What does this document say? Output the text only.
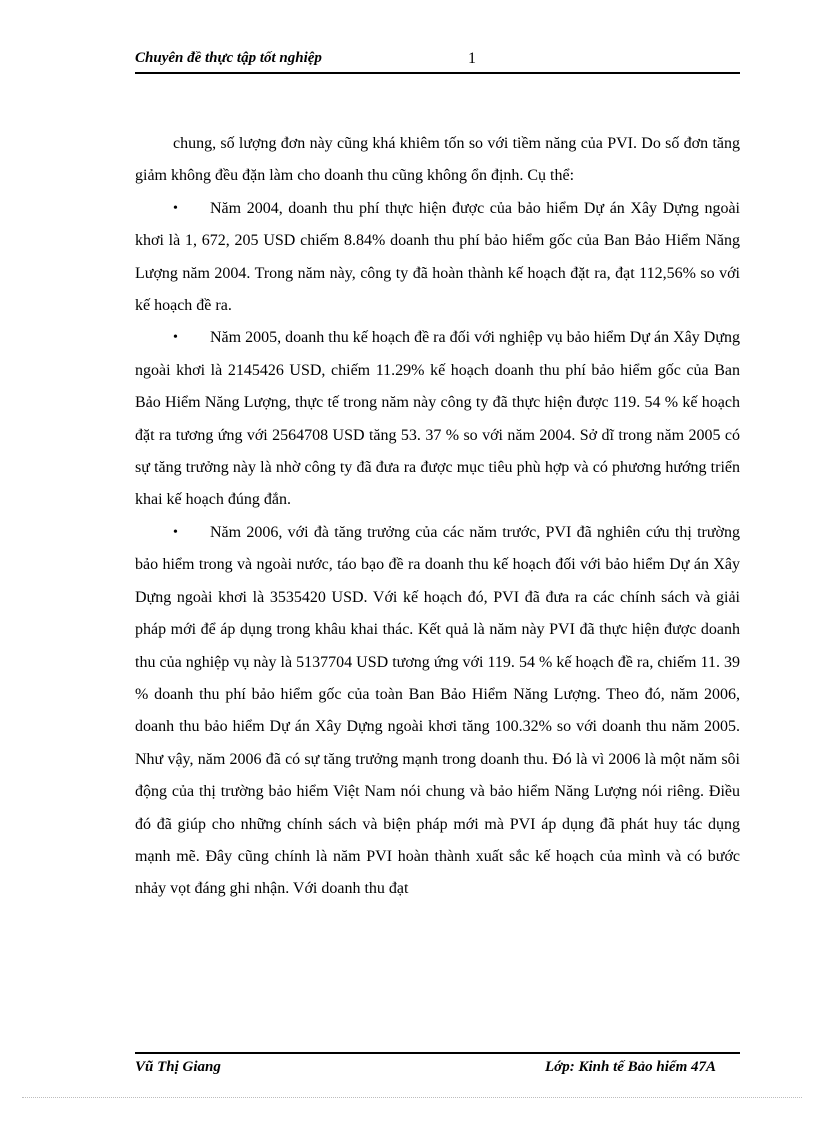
Chuyên đề thực tập tốt nghiệp	1

chung, số lượng đơn này cũng khá khiêm tốn so với tiềm năng của PVI. Do số đơn tăng giảm không đều đặn làm cho doanh thu cũng không ổn định. Cụ thể:

• Năm 2004, doanh thu phí thực hiện được của bảo hiểm Dự án Xây Dựng ngoài khơi là 1, 672, 205 USD chiếm 8.84% doanh thu phí bảo hiểm gốc của Ban Bảo Hiểm Năng Lượng năm 2004. Trong năm này, công ty đã hoàn thành kế hoạch đặt ra, đạt 112,56% so với kế hoạch đề ra.

• Năm 2005, doanh thu kế hoạch đề ra đối với nghiệp vụ bảo hiểm Dự án Xây Dựng ngoài khơi là 2145426 USD, chiếm 11.29% kế hoạch doanh thu phí bảo hiểm gốc của Ban Bảo Hiểm Năng Lượng, thực tế trong năm này công ty đã thực hiện được 119. 54 % kế hoạch đặt ra tương ứng với 2564708 USD tăng 53. 37 % so với năm 2004. Sở dĩ trong năm 2005 có sự tăng trưởng này là nhờ công ty đã đưa ra được mục tiêu phù hợp và có phương hướng triển khai kế hoạch đúng đắn.

• Năm 2006, với đà tăng trưởng của các năm trước, PVI đã nghiên cứu thị trường bảo hiểm trong và ngoài nước, táo bạo đề ra doanh thu kế hoạch đối với bảo hiểm Dự án Xây Dựng ngoài khơi là 3535420 USD. Với kế hoạch đó, PVI đã đưa ra các chính sách và giải pháp mới để áp dụng trong khâu khai thác. Kết quả là năm này PVI đã thực hiện được doanh thu của nghiệp vụ này là 5137704 USD tương ứng với 119. 54 % kế hoạch đề ra, chiếm 11. 39 % doanh thu phí bảo hiểm gốc của toàn Ban Bảo Hiểm Năng Lượng. Theo đó, năm 2006, doanh thu bảo hiểm Dự án Xây Dựng ngoài khơi tăng 100.32% so với doanh thu năm 2005. Như vậy, năm 2006 đã có sự tăng trưởng mạnh trong doanh thu. Đó là vì 2006 là một năm sôi động của thị trường bảo hiểm Việt Nam nói chung và bảo hiểm Năng Lượng nói riêng. Điều đó đã giúp cho những chính sách và biện pháp mới mà PVI áp dụng đã phát huy tác dụng mạnh mẽ. Đây cũng chính là năm PVI hoàn thành xuất sắc kế hoạch của mình và có bước nhảy vọt đáng ghi nhận. Với doanh thu đạt

Vũ Thị Giang	Lớp: Kinh tế Bảo hiểm 47A
